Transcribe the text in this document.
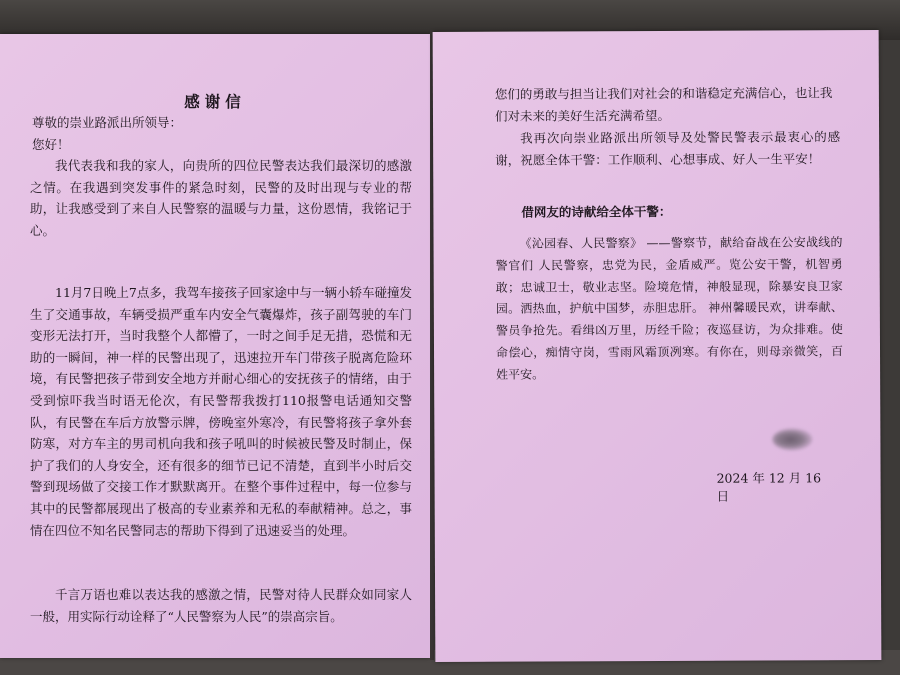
感谢信

尊敬的崇业路派出所领导：

您好！

我代表我和我的家人，向贵所的四位民警表达我们最深切的感激之情。在我遇到突发事件的紧急时刻，民警的及时出现与专业的帮助，让我感受到了来自人民警察的温暖与力量，这份恩情，我铭记于心。

11月7日晚上7点多，我驾车接孩子回家途中与一辆小轿车碰撞发生了交通事故，车辆受损严重车内安全气囊爆炸，孩子副驾驶的车门变形无法打开，当时我整个人都懵了，一时之间手足无措，恐慌和无助的一瞬间，神一样的民警出现了，迅速拉开车门带孩子脱离危险环境，有民警把孩子带到安全地方并耐心细心的安抚孩子的情绪，由于受到惊吓我当时语无伦次，有民警帮我拨打110报警电话通知交警队，有民警在车后方放警示牌，傍晚室外寒冷，有民警将孩子拿外套防寒，对方车主的男司机向我和孩子吼叫的时候被民警及时制止，保护了我们的人身安全，还有很多的细节已记不清楚，直到半小时后交警到现场做了交接工作才默默离开。在整个事件过程中，每一位参与其中的民警都展现出了极高的专业素养和无私的奉献精神。总之，事情在四位不知名民警同志的帮助下得到了迅速妥当的处理。

千言万语也难以表达我的感激之情，民警对待人民群众如同家人一般，用实际行动诠释了“人民警察为人民”的崇高宗旨。

您们的勇敢与担当让我们对社会的和谐稳定充满信心，也让我们对未来的美好生活充满希望。

我再次向崇业路派出所领导及处警民警表示最衷心的感谢，祝愿全体干警：工作顺利、心想事成、好人一生平安！

借网友的诗献给全体干警：

《沁园春、人民警察》 ——警察节，献给奋战在公安战线的警官们 人民警察，忠党为民，金盾威严。览公安干警，机智勇敢；忠诚卫士，敬业志坚。险境危情，神般显现，除暴安良卫家园。洒热血，护航中国梦，赤胆忠肝。 神州馨暖民欢，讲奉献、警员争抢先。看缉凶万里，历经千险；夜巡昼访，为众排难。使命偿心，痴情守岗，雪雨风霜顶冽寒。有你在，则母亲微笑，百姓平安。

2024 年 12 月 16 日
